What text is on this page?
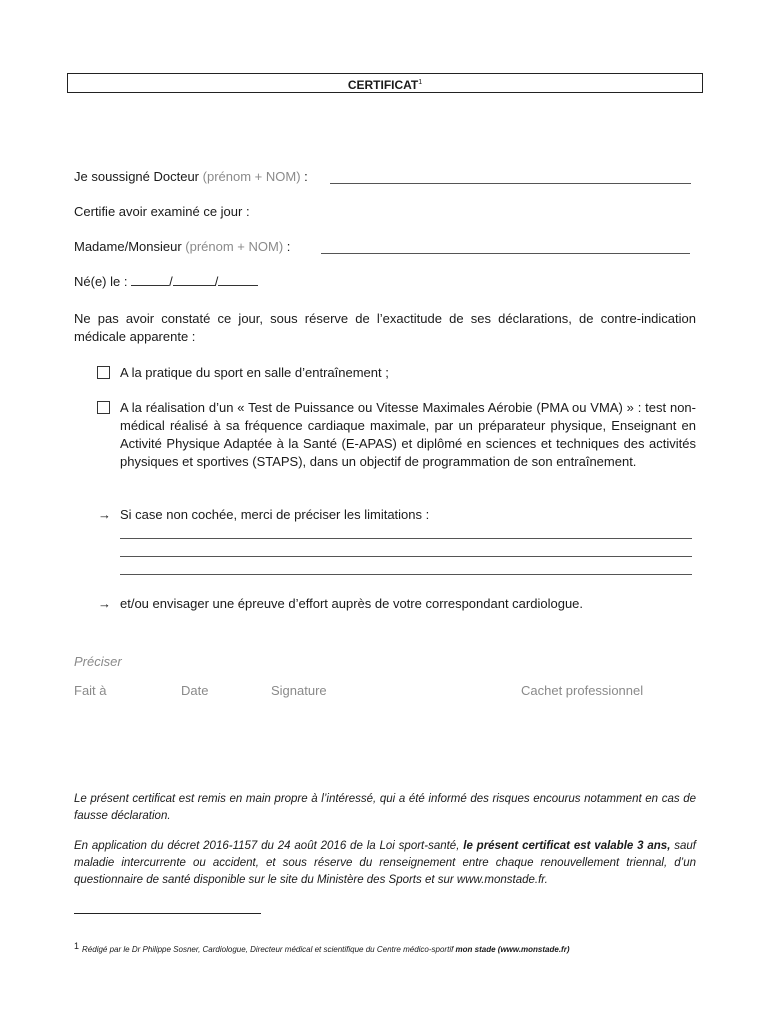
CERTIFICAT$^1$
Je soussigné Docteur (prénom + NOM) :
Certifie avoir examiné ce jour :
Madame/Monsieur (prénom + NOM) :
Né(e) le :	/	/
Ne pas avoir constaté ce jour, sous réserve de l’exactitude de ses déclarations, de contre-indication médicale apparente :
A la pratique du sport en salle d’entraînement ;
A la réalisation d’un « Test de Puissance ou Vitesse Maximales Aérobie (PMA ou VMA) » : test non-médical réalisé à sa fréquence cardiaque maximale, par un préparateur physique, Enseignant en Activité Physique Adaptée à la Santé (E-APAS) et diplômé en sciences et techniques des activités physiques et sportives (STAPS), dans un objectif de programmation de son entraînement.
→ Si case non cochée, merci de préciser les limitations :
→ et/ou envisager une épreuve d’effort auprès de votre correspondant cardiologue.
Préciser
Fait à	Date	Signature	Cachet professionnel
Le présent certificat est remis en main propre à l’intéressé, qui a été informé des risques encourus notamment en cas de fausse déclaration.
En application du décret 2016-1157 du 24 août 2016 de la Loi sport-santé, le présent certificat est valable 3 ans, sauf maladie intercurrente ou accident, et sous réserve du renseignement entre chaque renouvellement triennal, d’un questionnaire de santé disponible sur le site du Ministère des Sports et sur www.monstade.fr.
$^1$ Rédigé par le Dr Philippe Sosner, Cardiologue, Directeur médical et scientifique du Centre médico-sportif mon stade (www.monstade.fr)
